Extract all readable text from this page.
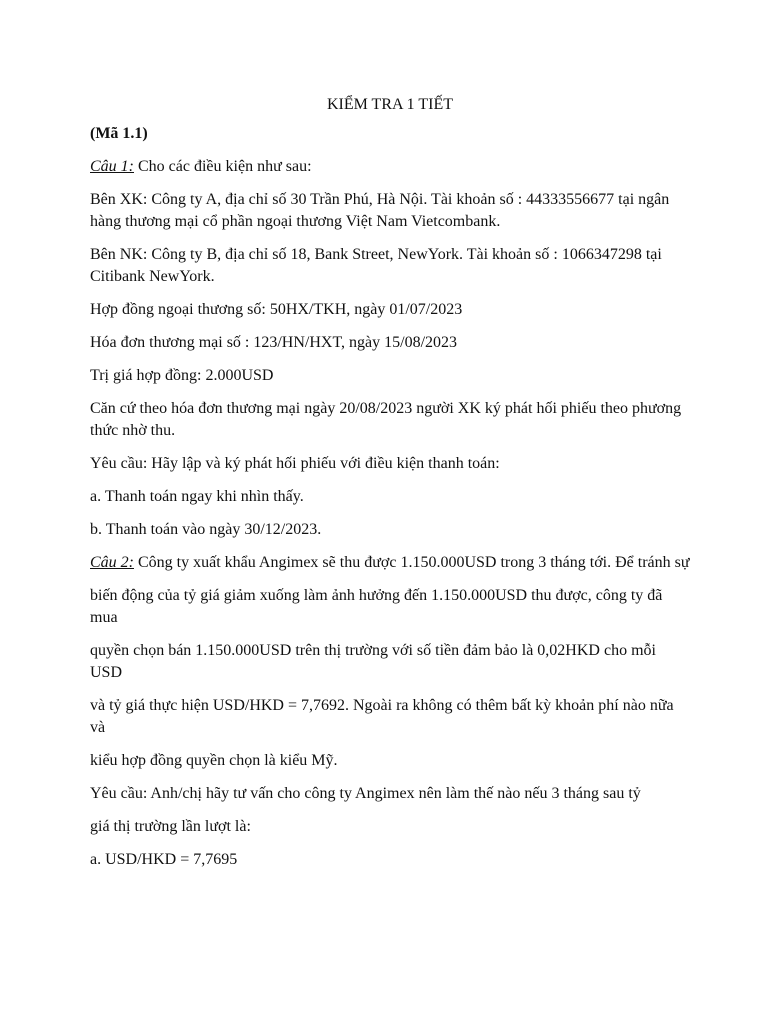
KIỂM TRA 1 TIẾT
(Mã 1.1)

Câu 1: Cho các điều kiện như sau:

Bên XK: Công ty A, địa chỉ số 30 Trần Phú, Hà Nội. Tài khoản số : 44333556677 tại ngân hàng thương mại cổ phần ngoại thương Việt Nam Vietcombank.

Bên NK: Công ty B, địa chỉ số 18, Bank Street, NewYork. Tài khoản số : 1066347298 tại Citibank NewYork.

Hợp đồng ngoại thương số: 50HX/TKH, ngày 01/07/2023

Hóa đơn thương mại số : 123/HN/HXT, ngày 15/08/2023

Trị giá hợp đồng: 2.000USD

Căn cứ theo hóa đơn thương mại ngày 20/08/2023 người XK ký phát hối phiếu theo phương thức nhờ thu.

Yêu cầu: Hãy lập và ký phát hối phiếu với điều kiện thanh toán:

a. Thanh toán ngay khi nhìn thấy.

b. Thanh toán vào ngày 30/12/2023.

Câu 2: Công ty xuất khẩu Angimex sẽ thu được 1.150.000USD trong 3 tháng tới. Để tránh sự

biến động của tỷ giá giảm xuống làm ảnh hưởng đến 1.150.000USD thu được, công ty đã mua

quyền chọn bán 1.150.000USD trên thị trường với số tiền đảm bảo là 0,02HKD cho mỗi USD

và tỷ giá thực hiện USD/HKD = 7,7692. Ngoài ra không có thêm bất kỳ khoản phí nào nữa và

kiểu hợp đồng quyền chọn là kiểu Mỹ.

Yêu cầu: Anh/chị hãy tư vấn cho công ty Angimex nên làm thế nào nếu 3 tháng sau tỷ

giá thị trường lần lượt là:

a. USD/HKD = 7,7695
